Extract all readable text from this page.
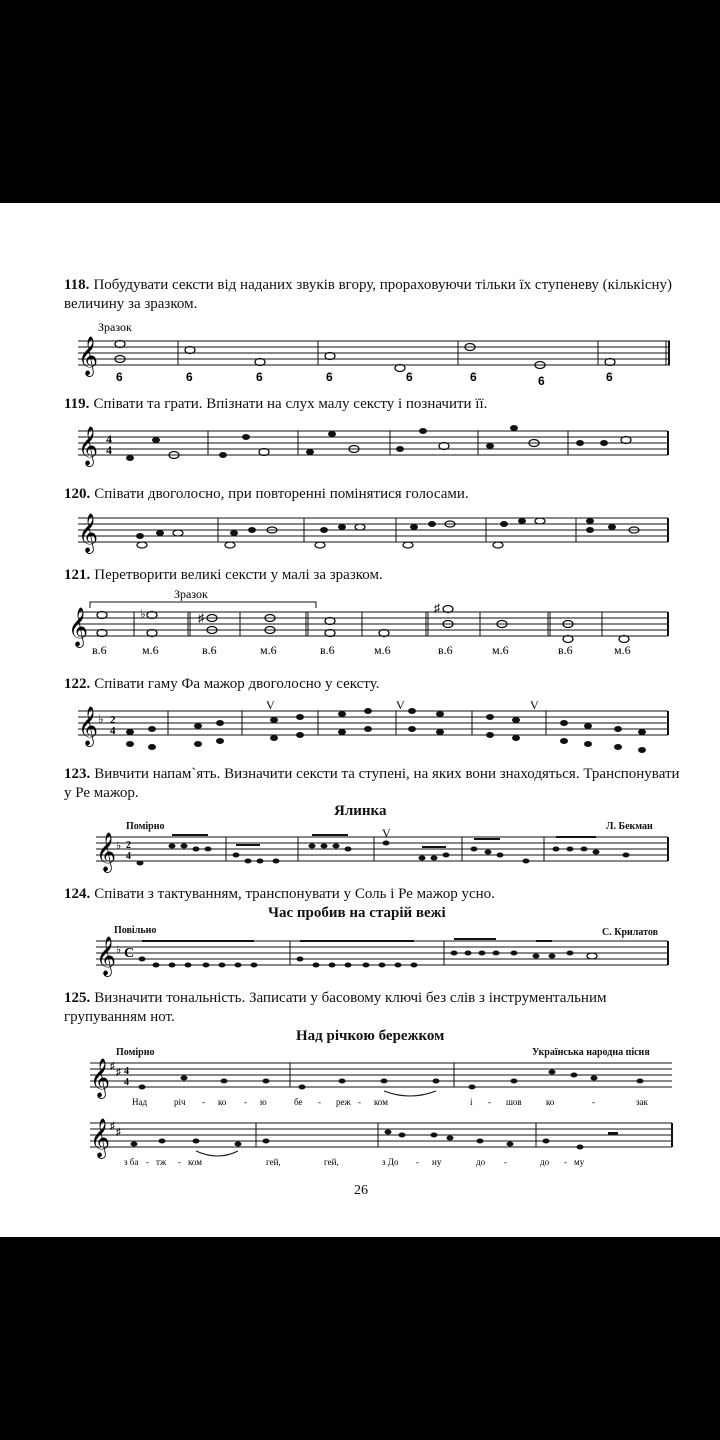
118. Побудувати сексти від наданих звуків вгору, прораховуючи тільки їх ступеневу (кількісну) величину за зразком.
Зразок
𝄞
6	6	6	6	6	6	6	6
119. Співати та грати. Впізнати на слух малу сексту і позначити її.
𝄞 4
4
120. Співати двоголосно, при повторенні помінятися голосами.
𝄞
121. Перетворити великі сексти у малі за зразком.
Зразок
𝄞	♭	♯
♯
в.6	м.6	в.6	м.6	в.6	м.6	в.6	м.6	в.6	м.6
122. Співати гаму Фа мажор двоголосно у сексту.
𝄞 ♭ 2
4
V	V	V
123. Вивчити напам`ять. Визначити сексти та ступені, на яких вони знаходяться. Транспонувати у Ре мажор.
Ялинка
Помірно	Л. Бекман
𝄞 ♭ 2
4
V
124. Співати з тактуванням, транспонувати у Соль і Ре мажор усно.
Час пробив на старій вежі
Повільно	С. Крилатов
𝄞 ♭ C
125. Визначити тональність. Записати у басовому ключі без слів з інструментальним групуванням нот.
Над річкою бережком
Помірно	Українська народна пісня
𝄞 ♯
♯ 4
4
Над	річ - ко - ю	бе - реж - ком	і - шов	ко	-	зак
𝄞 ♯
♯
з ба - тж - ком	гей,	гей,	з До - ну	до -	до - му
26
